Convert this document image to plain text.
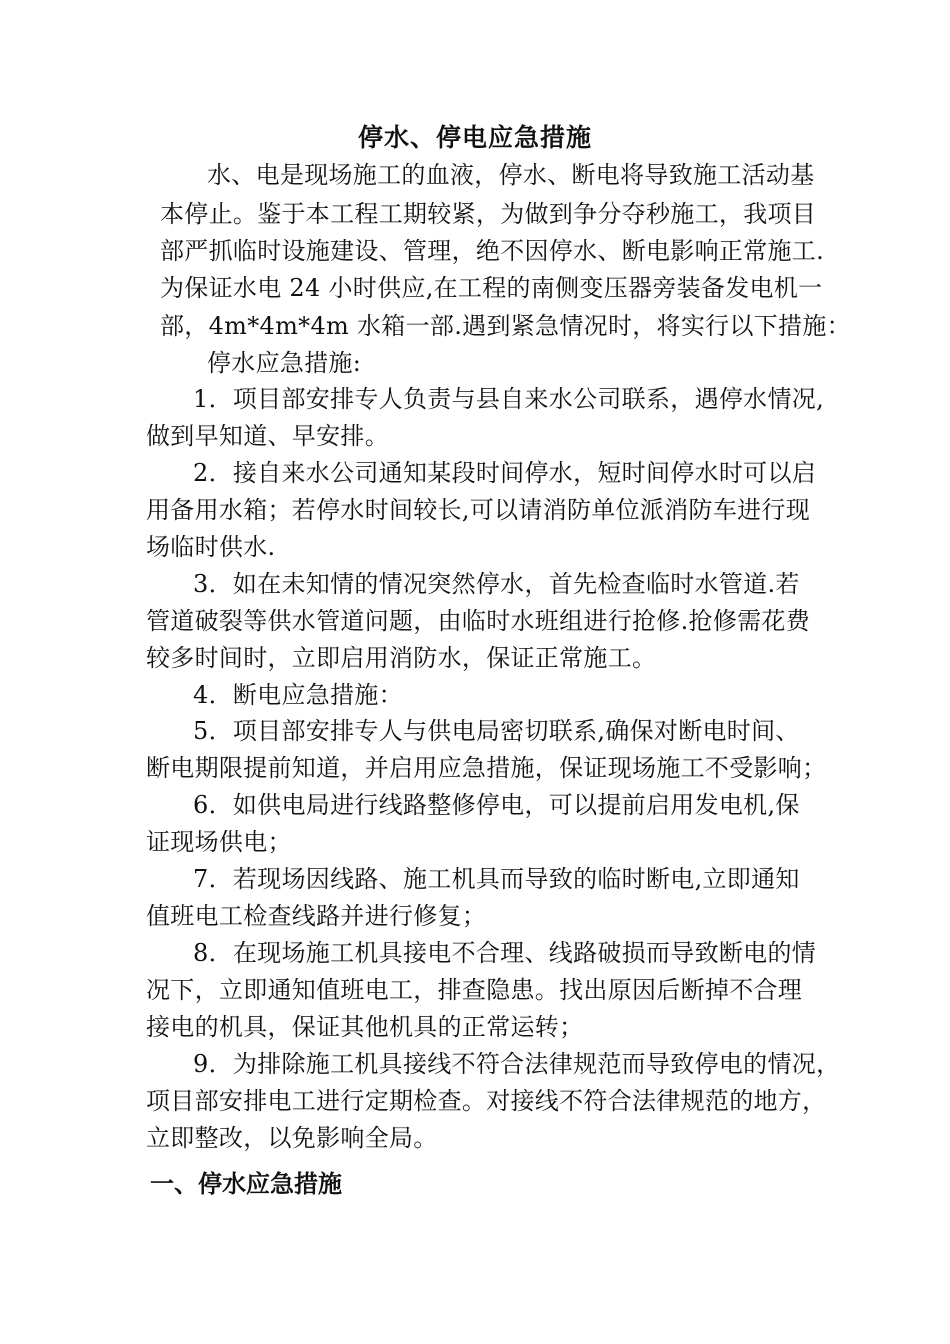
停水、停电应急措施
水、电是现场施工的血液，停水、断电将导致施工活动基
本停止。鉴于本工程工期较紧，为做到争分夺秒施工，我项目
部严抓临时设施建设、管理，绝不因停水、断电影响正常施工.
为保证水电 24 小时供应,在工程的南侧变压器旁装备发电机一
部，4m*4m*4m 水箱一部.遇到紧急情况时，将实行以下措施：
停水应急措施:
1．项目部安排专人负责与县自来水公司联系，遇停水情况,
做到早知道、早安排。
2．接自来水公司通知某段时间停水，短时间停水时可以启
用备用水箱；若停水时间较长,可以请消防单位派消防车进行现
场临时供水.
3．如在未知情的情况突然停水，首先检查临时水管道.若
管道破裂等供水管道问题，由临时水班组进行抢修.抢修需花费
较多时间时，立即启用消防水，保证正常施工。
4．断电应急措施：
5．项目部安排专人与供电局密切联系,确保对断电时间、
断电期限提前知道，并启用应急措施，保证现场施工不受影响；
6．如供电局进行线路整修停电，可以提前启用发电机,保
证现场供电；
7．若现场因线路、施工机具而导致的临时断电,立即通知
值班电工检查线路并进行修复；
8．在现场施工机具接电不合理、线路破损而导致断电的情
况下，立即通知值班电工，排查隐患。找出原因后断掉不合理
接电的机具，保证其他机具的正常运转；
9．为排除施工机具接线不符合法律规范而导致停电的情况，
项目部安排电工进行定期检查。对接线不符合法律规范的地方，
立即整改，以免影响全局。
一、停水应急措施
